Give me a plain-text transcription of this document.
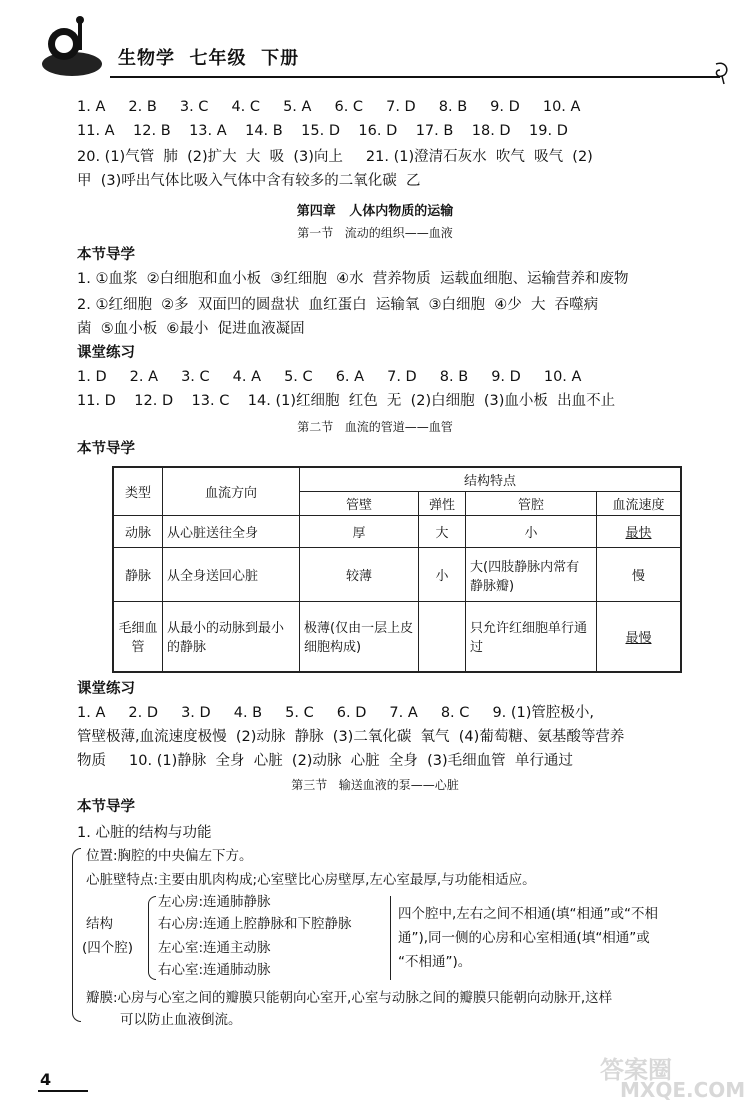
生物学  七年级  下册
1. A     2. B     3. C     4. C     5. A     6. C     7. D     8. B     9. D     10. A
11. A    12. B    13. A    14. B    15. D    16. D    17. B    18. D    19. D
20. (1)气管  肺  (2)扩大  大  吸  (3)向上     21. (1)澄清石灰水  吹气  吸气  (2)
甲  (3)呼出气体比吸入气体中含有较多的二氧化碳  乙
第四章   人体内物质的运输
第一节   流动的组织——血液
本节导学
1. ①血浆  ②白细胞和血小板  ③红细胞  ④水  营养物质  运载血细胞、运输营养和废物
2. ①红细胞  ②多  双面凹的圆盘状  血红蛋白  运输氧  ③白细胞  ④少  大  吞噬病
菌  ⑤血小板  ⑥最小  促进血液凝固
课堂练习
1. D     2. A     3. C     4. A     5. C     6. A     7. D     8. B     9. D     10. A
11. D    12. D    13. C    14. (1)红细胞  红色  无  (2)白细胞  (3)血小板  出血不止
第二节   血流的管道——血管
本节导学
类型	血流方向	结构特点			
		管壁	弹性	管腔	血流速度
动脉	从心脏送往全身	厚	大	小	最快
静脉	从全身送回心脏	较薄	小	大(四肢静脉内常有静脉瓣)	慢
毛细血管	从最小的动脉到最小的静脉	极薄(仅由一层上皮细胞构成)		只允许红细胞单行通过	最慢
课堂练习
1. A     2. D     3. D     4. B     5. C     6. D     7. A     8. C     9. (1)管腔极小,
管壁极薄,血流速度极慢  (2)动脉  静脉  (3)二氧化碳  氧气  (4)葡萄糖、氨基酸等营养
物质     10. (1)静脉  全身  心脏  (2)动脉  心脏  全身  (3)毛细血管  单行通过
第三节   输送血液的泵——心脏
本节导学
1. 心脏的结构与功能
位置:胸腔的中央偏左下方。
心脏壁特点:主要由肌肉构成;心室壁比心房壁厚,左心室最厚,与功能相适应。
结构
(四个腔)
左心房:连通肺静脉
右心房:连通上腔静脉和下腔静脉
左心室:连通主动脉
右心室:连通肺动脉
四个腔中,左右之间不相通(填“相通”或“不相
通”),同一侧的心房和心室相通(填“相通”或
“不相通”)。
瓣膜:心房与心室之间的瓣膜只能朝向心室开,心室与动脉之间的瓣膜只能朝向动脉开,这样
可以防止血液倒流。
4	答案圈
MXQE.COM
